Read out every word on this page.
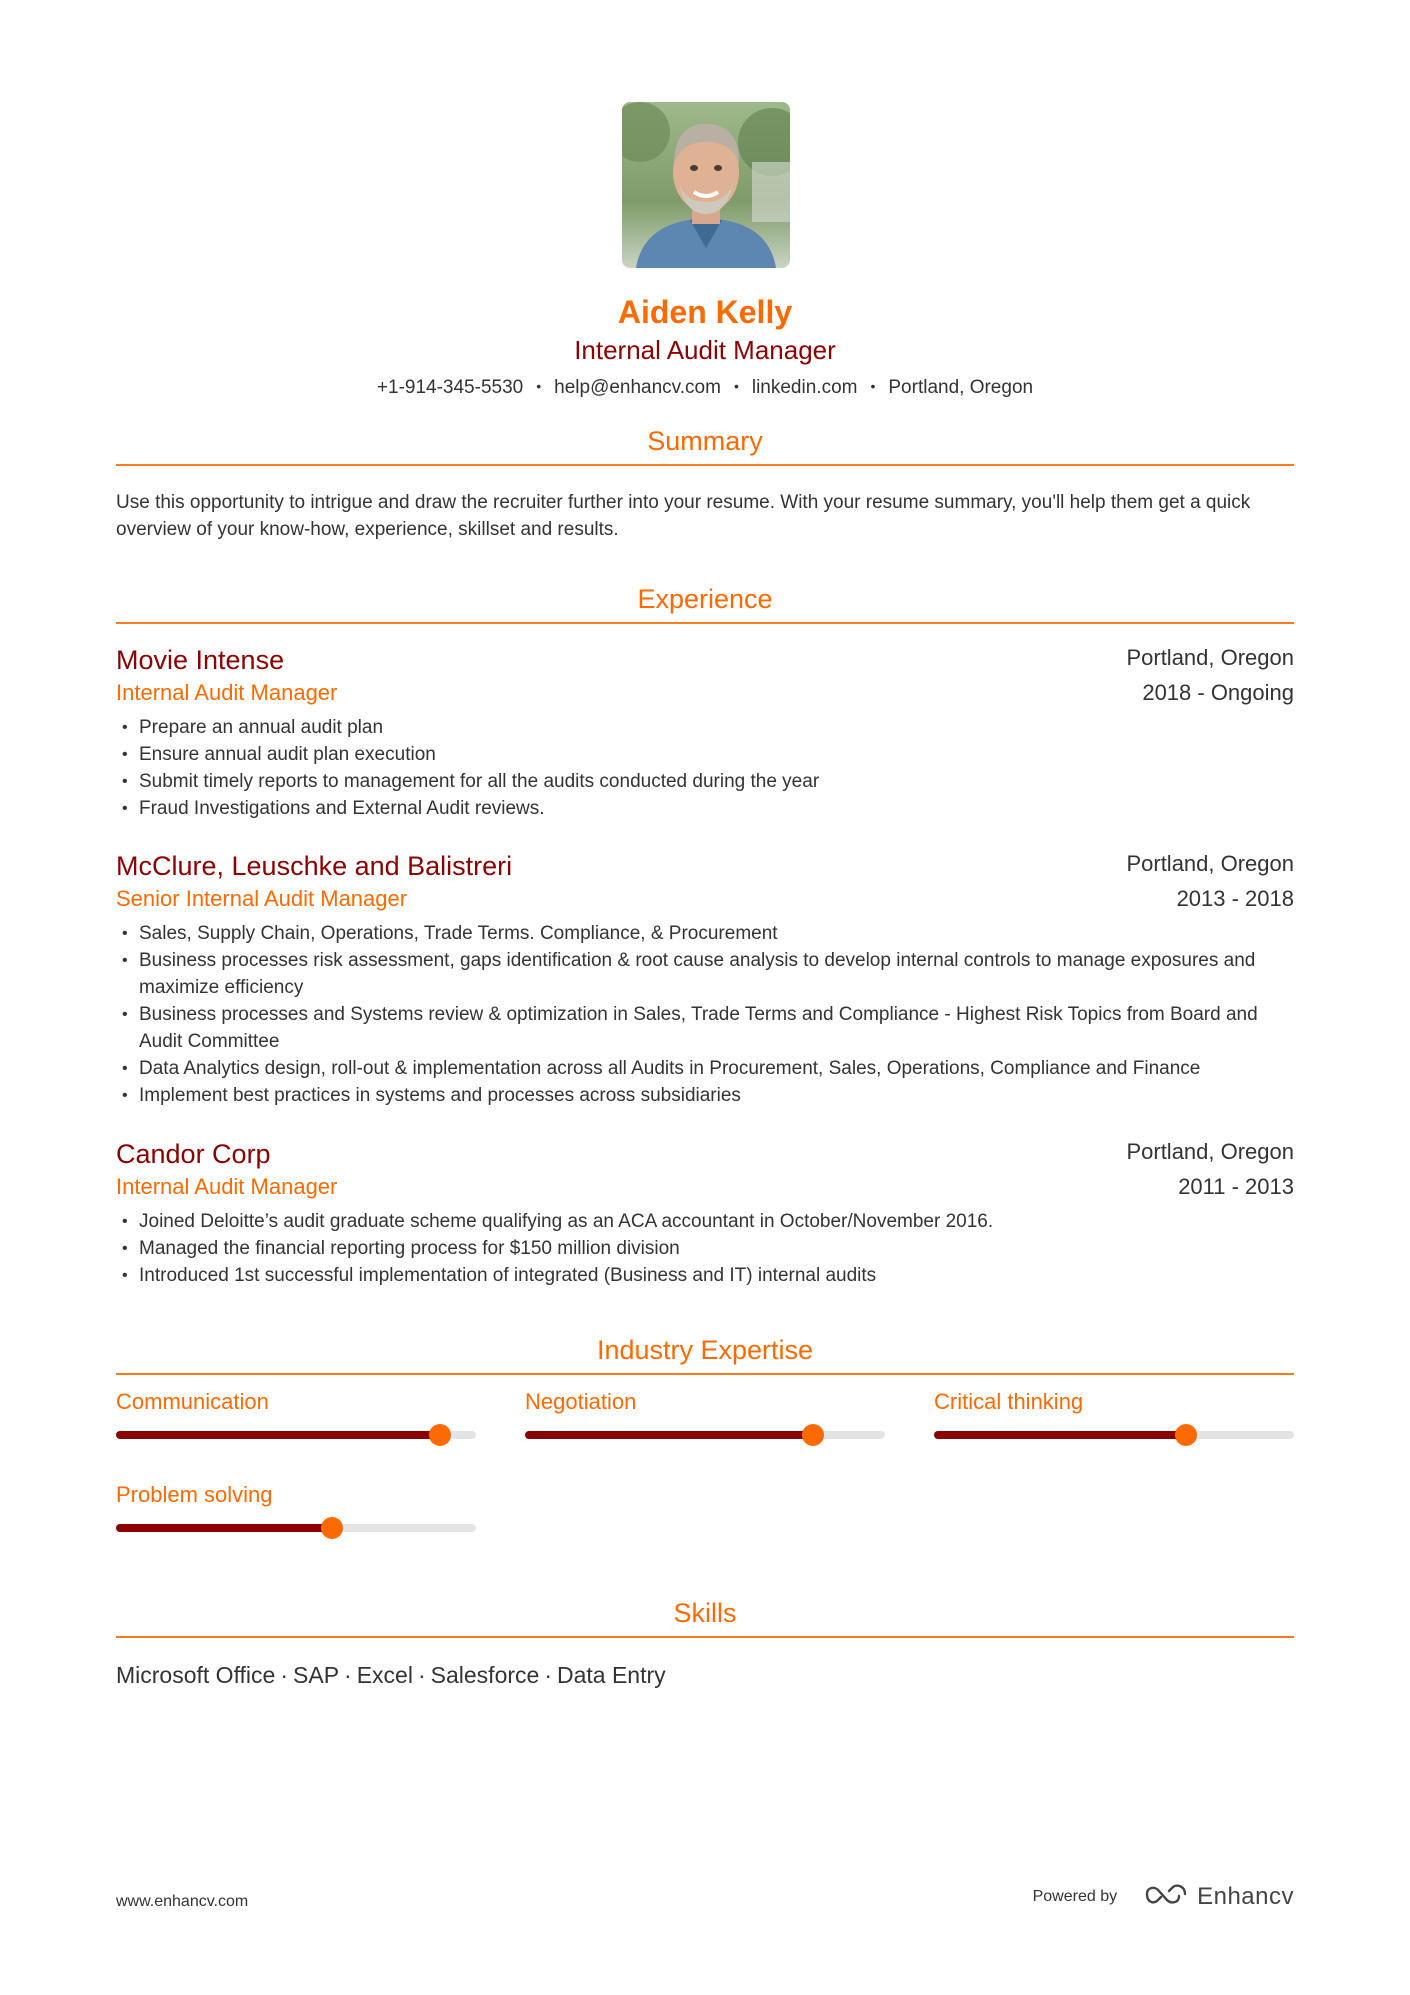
Aiden Kelly
Internal Audit Manager
+1-914-345-5530 • help@enhancv.com • linkedin.com • Portland, Oregon
Summary
Use this opportunity to intrigue and draw the recruiter further into your resume. With your resume summary, you'll help them get a quick overview of your know-how, experience, skillset and results.
Experience
Movie Intense
Internal Audit Manager
Portland, Oregon
2018 - Ongoing
• Prepare an annual audit plan
• Ensure annual audit plan execution
• Submit timely reports to management for all the audits conducted during the year
• Fraud Investigations and External Audit reviews.
McClure, Leuschke and Balistreri
Senior Internal Audit Manager
Portland, Oregon
2013 - 2018
• Sales, Supply Chain, Operations, Trade Terms. Compliance, & Procurement
• Business processes risk assessment, gaps identification & root cause analysis to develop internal controls to manage exposures and maximize efficiency
• Business processes and Systems review & optimization in Sales, Trade Terms and Compliance - Highest Risk Topics from Board and Audit Committee
• Data Analytics design, roll-out & implementation across all Audits in Procurement, Sales, Operations, Compliance and Finance
• Implement best practices in systems and processes across subsidiaries
Candor Corp
Internal Audit Manager
Portland, Oregon
2011 - 2013
• Joined Deloitte’s audit graduate scheme qualifying as an ACA accountant in October/November 2016.
• Managed the financial reporting process for $150 million division
• Introduced 1st successful implementation of integrated (Business and IT) internal audits
Industry Expertise
Communication	Negotiation	Critical thinking
Problem solving
Skills
Microsoft Office · SAP · Excel · Salesforce · Data Entry
www.enhancv.com	Powered by	Enhancv
